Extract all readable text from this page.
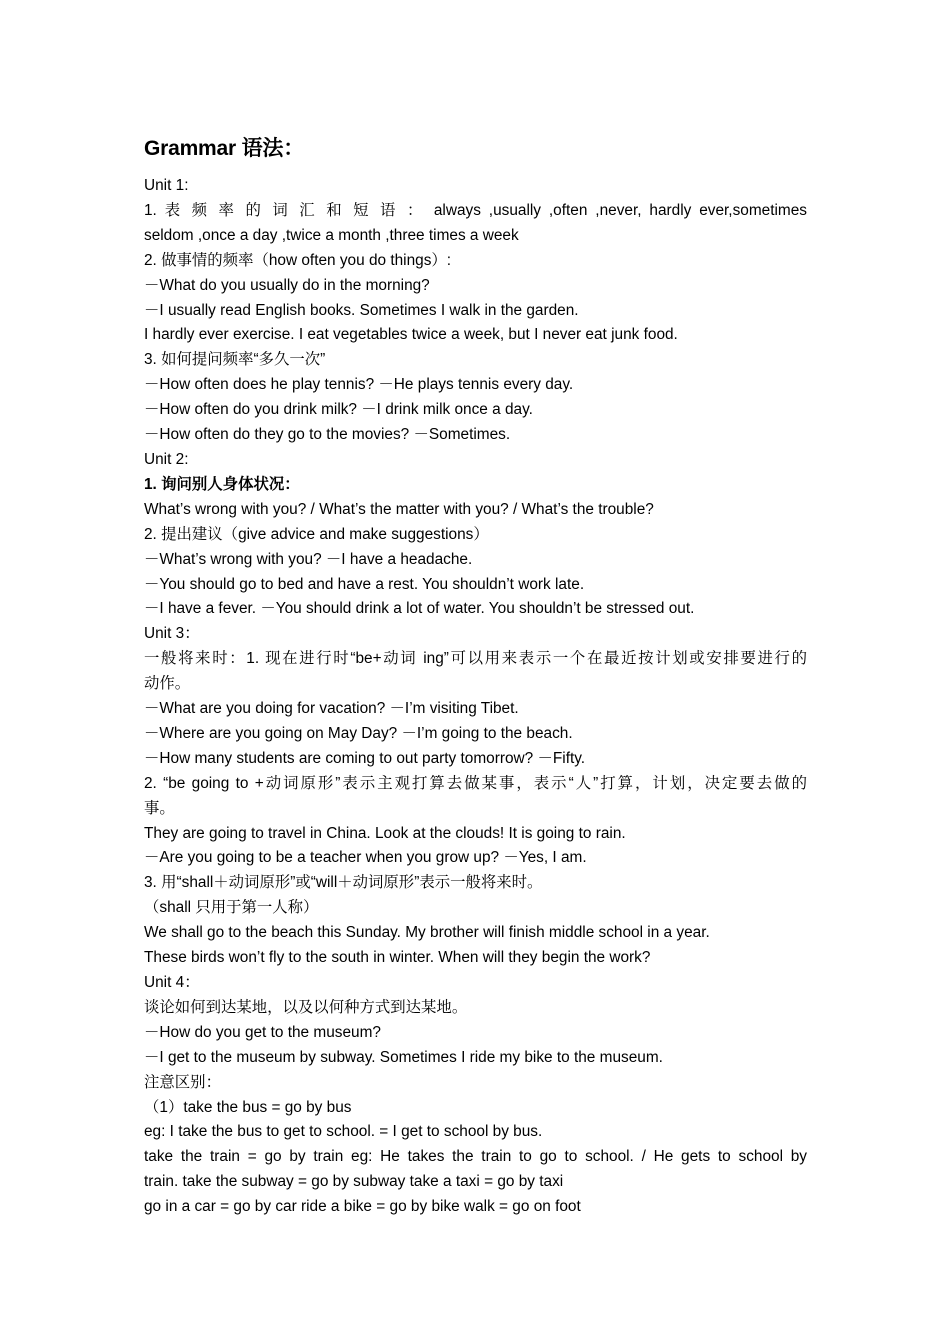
Grammar 语法：
Unit 1:
1. 表 频 率 的 词 汇 和 短 语 ： always ,usually ,often ,never, hardly ever,sometimes
seldom ,once a day ,twice a month ,three times a week
2. 做事情的频率（how often you do things）:
－What do you usually do in the morning?
－I usually read English books. Sometimes I walk in the garden.
I hardly ever exercise. I eat vegetables twice a week, but I never eat junk food.
3. 如何提问频率“多久一次”
－How often does he play tennis? －He plays tennis every day.
－How often do you drink milk? －I drink milk once a day.
－How often do they go to the movies? －Sometimes.
Unit 2:
1. 询问别人身体状况：
What’s wrong with you? / What’s the matter with you? / What’s the trouble?
2. 提出建议（give advice and make suggestions）
－What’s wrong with you? －I have a headache.
－You should go to bed and have a rest. You shouldn’t work late.
－I have a fever. －You should drink a lot of water. You shouldn’t be stressed out.
Unit 3：
一般将来时：1. 现在进行时“be+动词 ing”可以用来表示一个在最近按计划或安排要进行的
动作。
－What are you doing for vacation? －I’m visiting Tibet.
－Where are you going on May Day? －I’m going to the beach.
－How many students are coming to out party tomorrow? －Fifty.
2. “be going to +动词原形”表示主观打算去做某事，表示“人”打算，计划，决定要去做的
事。
They are going to travel in China. Look at the clouds! It is going to rain.
－Are you going to be a teacher when you grow up? －Yes, I am.
3. 用“shall＋动词原形”或“will＋动词原形”表示一般将来时。
（shall 只用于第一人称）
We shall go to the beach this Sunday. My brother will finish middle school in a year.
These birds won’t fly to the south in winter. When will they begin the work?
Unit 4：
谈论如何到达某地，以及以何种方式到达某地。
－How do you get to the museum?
－I get to the museum by subway. Sometimes I ride my bike to the museum.
注意区别：
（1）take the bus = go by bus
eg: I take the bus to get to school. = I get to school by bus.
take the train = go by train eg: He takes the train to go to school. / He gets to school by
train. take the subway = go by subway take a taxi = go by taxi
go in a car = go by car ride a bike = go by bike walk = go on foot
